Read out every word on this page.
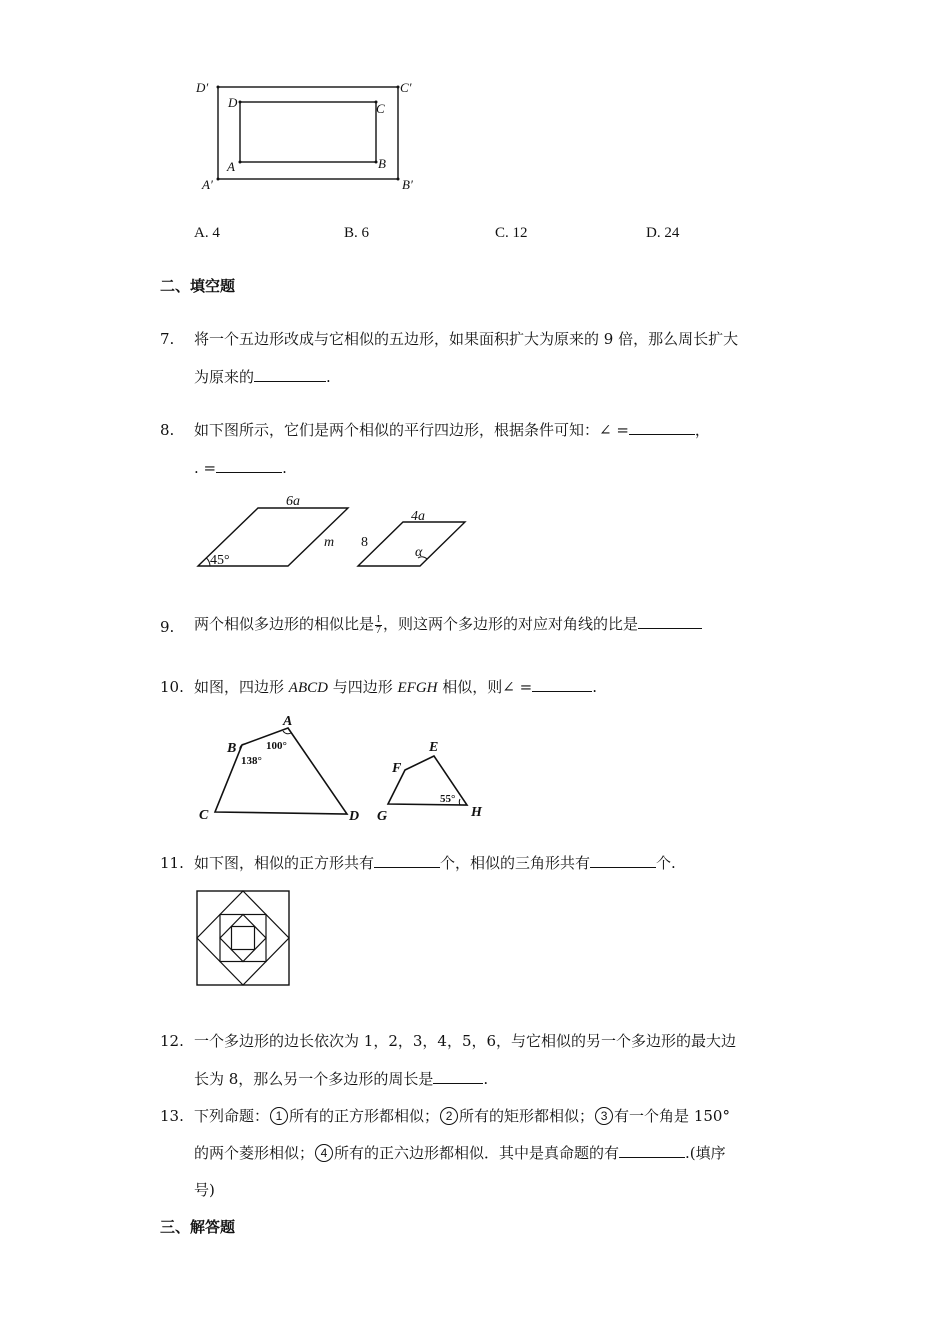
D′	C′
A′	B′
D	C
A	B
A. 4	B. 6	C. 12	D. 24
二、填空题
7. 将一个五边形改成与它相似的五边形，如果面积扩大为原来的 9 倍，那么周长扩大
为原来的	.
8. 如下图所示，它们是两个相似的平行四边形，根据条件可知：∠ =	，
. =	.
6a
m
45°
8
4a
α
9. 两个相似多边形的相似比是 $\frac{1}{7}$ ，则这两个多边形的对应对角线的比是
10. 如图，四边形 ABCD 与四边形 EFGH 相似，则∠ =	.
A
B
C	D
E
F
G	H
100°
138°
55°
11. 如下图，相似的正方形共有	个，相似的三角形共有	个.
12. 一个多边形的边长依次为 1，2，3，4，5，6，与它相似的另一个多边形的最大边
长为 8，那么另一个多边形的周长是	.
13. 下列命题： 1 所有的正方形都相似； 2 所有的矩形都相似； 3 有一个角是 150°
的两个菱形相似； 4 所有的正六边形都相似．其中是真命题的有	.(填序
号)
三、解答题
